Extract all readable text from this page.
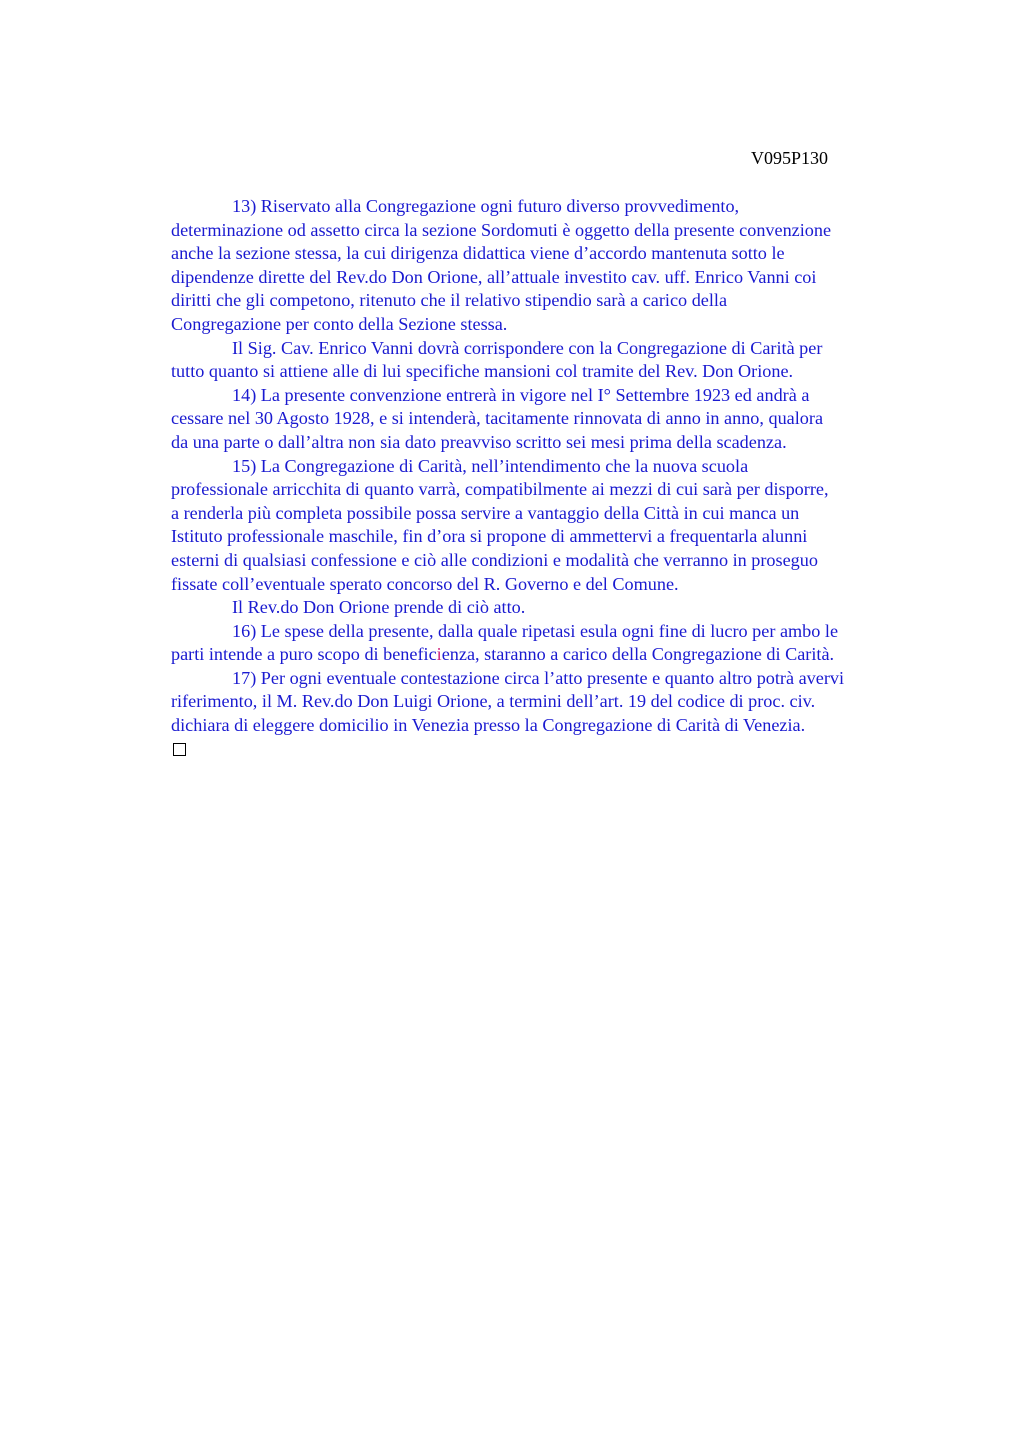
V095P130

13) Riservato alla Congregazione ogni futuro diverso provvedimento,
determinazione od assetto circa la sezione Sordomuti è oggetto della presente convenzione
anche la sezione stessa, la cui dirigenza didattica viene d’accordo mantenuta sotto le
dipendenze dirette del Rev.do Don Orione, all’attuale investito cav. uff. Enrico Vanni coi
diritti che gli competono, ritenuto che il relativo stipendio sarà a carico della
Congregazione per conto della Sezione stessa.

Il Sig. Cav. Enrico Vanni dovrà corrispondere con la Congregazione di Carità per
tutto quanto si attiene alle di lui specifiche mansioni col tramite del Rev. Don Orione.

14) La presente convenzione entrerà in vigore nel I° Settembre 1923 ed andrà a
cessare nel 30 Agosto 1928, e si intenderà, tacitamente rinnovata di anno in anno, qualora
da una parte o dall’altra non sia dato preavviso scritto sei mesi prima della scadenza.

15) La Congregazione di Carità, nell’intendimento che la nuova scuola
professionale arricchita di quanto varrà, compatibilmente ai mezzi di cui sarà per disporre,
a renderla più completa possibile possa servire a vantaggio della Città in cui manca un
Istituto professionale maschile, fin d’ora si propone di ammettervi a frequentarla alunni
esterni di qualsiasi confessione e ciò alle condizioni e modalità che verranno in proseguo
fissate coll’eventuale sperato concorso del R. Governo e del Comune.

Il Rev.do Don Orione prende di ciò atto.

16) Le spese della presente, dalla quale ripetasi esula ogni fine di lucro per ambo le
parti intende a puro scopo di beneficienza, staranno a carico della Congregazione di Carità.

17) Per ogni eventuale contestazione circa l’atto presente e quanto altro potrà avervi
riferimento, il M. Rev.do Don Luigi Orione, a termini dell’art. 19 del codice di proc. civ.
dichiara di eleggere domicilio in Venezia presso la Congregazione di Carità di Venezia.
